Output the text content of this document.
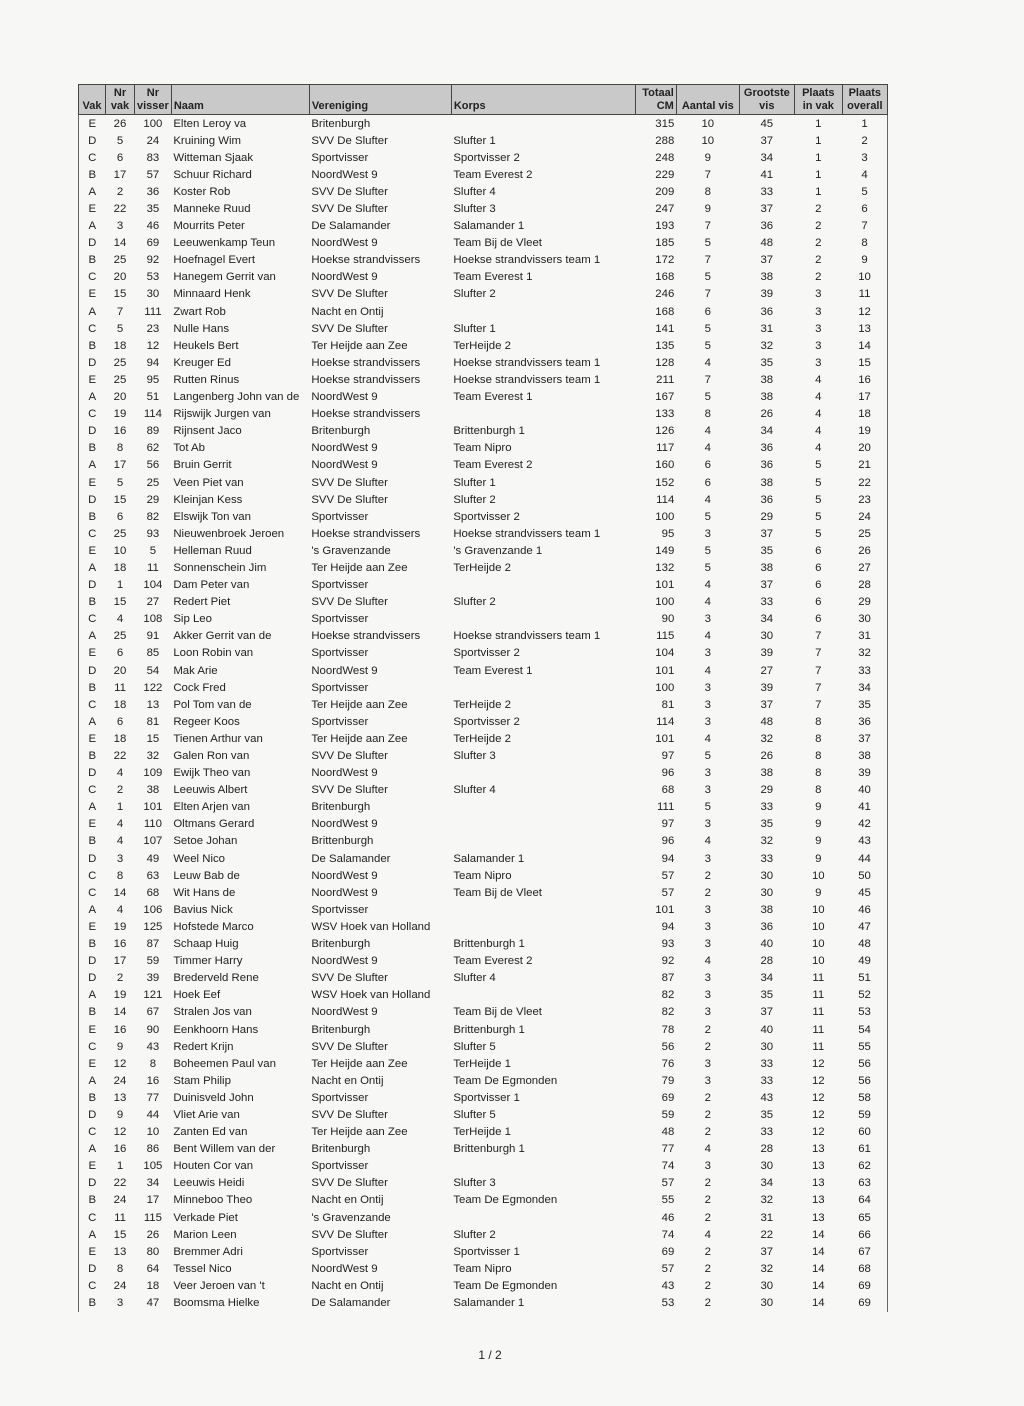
Vak	Nr vak	Nr visser	Naam	Vereniging	Korps	Totaal CM	Aantal vis	Grootste vis	Plaats in vak	Plaats overall
E	26	100	Elten Leroy va	Britenburgh		315	10	45	1	1
D	5	24	Kruining Wim	SVV De Slufter	Slufter 1	288	10	37	1	2
C	6	83	Witteman Sjaak	Sportvisser	Sportvisser 2	248	9	34	1	3
B	17	57	Schuur Richard	NoordWest 9	Team Everest 2	229	7	41	1	4
A	2	36	Koster Rob	SVV De Slufter	Slufter 4	209	8	33	1	5
E	22	35	Manneke Ruud	SVV De Slufter	Slufter 3	247	9	37	2	6
A	3	46	Mourrits Peter	De Salamander	Salamander 1	193	7	36	2	7
D	14	69	Leeuwenkamp Teun	NoordWest 9	Team Bij de Vleet	185	5	48	2	8
B	25	92	Hoefnagel Evert	Hoekse strandvissers	Hoekse strandvissers team 1	172	7	37	2	9
C	20	53	Hanegem Gerrit van	NoordWest 9	Team Everest 1	168	5	38	2	10
E	15	30	Minnaard Henk	SVV De Slufter	Slufter 2	246	7	39	3	11
A	7	111	Zwart Rob	Nacht en Ontij		168	6	36	3	12
C	5	23	Nulle Hans	SVV De Slufter	Slufter 1	141	5	31	3	13
B	18	12	Heukels Bert	Ter Heijde aan Zee	TerHeijde 2	135	5	32	3	14
D	25	94	Kreuger Ed	Hoekse strandvissers	Hoekse strandvissers team 1	128	4	35	3	15
E	25	95	Rutten Rinus	Hoekse strandvissers	Hoekse strandvissers team 1	211	7	38	4	16
A	20	51	Langenberg John van de	NoordWest 9	Team Everest 1	167	5	38	4	17
C	19	114	Rijswijk Jurgen van	Hoekse strandvissers		133	8	26	4	18
D	16	89	Rijnsent Jaco	Britenburgh	Brittenburgh 1	126	4	34	4	19
B	8	62	Tot Ab	NoordWest 9	Team Nipro	117	4	36	4	20
A	17	56	Bruin Gerrit	NoordWest 9	Team Everest 2	160	6	36	5	21
E	5	25	Veen Piet van	SVV De Slufter	Slufter 1	152	6	38	5	22
D	15	29	Kleinjan Kess	SVV De Slufter	Slufter 2	114	4	36	5	23
B	6	82	Elswijk Ton van	Sportvisser	Sportvisser 2	100	5	29	5	24
C	25	93	Nieuwenbroek Jeroen	Hoekse strandvissers	Hoekse strandvissers team 1	95	3	37	5	25
E	10	5	Helleman Ruud	's Gravenzande	's Gravenzande 1	149	5	35	6	26
A	18	11	Sonnenschein Jim	Ter Heijde aan Zee	TerHeijde 2	132	5	38	6	27
D	1	104	Dam Peter van	Sportvisser		101	4	37	6	28
B	15	27	Redert Piet	SVV De Slufter	Slufter 2	100	4	33	6	29
C	4	108	Sip Leo	Sportvisser		90	3	34	6	30
A	25	91	Akker Gerrit van de	Hoekse strandvissers	Hoekse strandvissers team 1	115	4	30	7	31
E	6	85	Loon Robin van	Sportvisser	Sportvisser 2	104	3	39	7	32
D	20	54	Mak Arie	NoordWest 9	Team Everest 1	101	4	27	7	33
B	11	122	Cock Fred	Sportvisser		100	3	39	7	34
C	18	13	Pol Tom van de	Ter Heijde aan Zee	TerHeijde 2	81	3	37	7	35
A	6	81	Regeer Koos	Sportvisser	Sportvisser 2	114	3	48	8	36
E	18	15	Tienen Arthur van	Ter Heijde aan Zee	TerHeijde 2	101	4	32	8	37
B	22	32	Galen Ron van	SVV De Slufter	Slufter 3	97	5	26	8	38
D	4	109	Ewijk Theo van	NoordWest 9		96	3	38	8	39
C	2	38	Leeuwis Albert	SVV De Slufter	Slufter 4	68	3	29	8	40
A	1	101	Elten Arjen van	Britenburgh		111	5	33	9	41
E	4	110	Oltmans Gerard	NoordWest 9		97	3	35	9	42
B	4	107	Setoe Johan	Brittenburgh		96	4	32	9	43
D	3	49	Weel Nico	De Salamander	Salamander 1	94	3	33	9	44
C	8	63	Leuw Bab de	NoordWest 9	Team Nipro	57	2	30	10	50
C	14	68	Wit Hans de	NoordWest 9	Team Bij de Vleet	57	2	30	9	45
A	4	106	Bavius Nick	Sportvisser		101	3	38	10	46
E	19	125	Hofstede Marco	WSV Hoek van Holland		94	3	36	10	47
B	16	87	Schaap Huig	Britenburgh	Brittenburgh 1	93	3	40	10	48
D	17	59	Timmer Harry	NoordWest 9	Team Everest 2	92	4	28	10	49
D	2	39	Brederveld Rene	SVV De Slufter	Slufter 4	87	3	34	11	51
A	19	121	Hoek Eef	WSV Hoek van Holland		82	3	35	11	52
B	14	67	Stralen Jos van	NoordWest 9	Team Bij de Vleet	82	3	37	11	53
E	16	90	Eenkhoorn Hans	Britenburgh	Brittenburgh 1	78	2	40	11	54
C	9	43	Redert Krijn	SVV De Slufter	Slufter 5	56	2	30	11	55
E	12	8	Boheemen Paul van	Ter Heijde aan Zee	TerHeijde 1	76	3	33	12	56
A	24	16	Stam Philip	Nacht en Ontij	Team De Egmonden	79	3	33	12	56
B	13	77	Duinisveld John	Sportvisser	Sportvisser 1	69	2	43	12	58
D	9	44	Vliet Arie van	SVV De Slufter	Slufter 5	59	2	35	12	59
C	12	10	Zanten Ed van	Ter Heijde aan Zee	TerHeijde 1	48	2	33	12	60
A	16	86	Bent Willem van der	Britenburgh	Brittenburgh 1	77	4	28	13	61
E	1	105	Houten Cor van	Sportvisser		74	3	30	13	62
D	22	34	Leeuwis Heidi	SVV De Slufter	Slufter 3	57	2	34	13	63
B	24	17	Minneboo Theo	Nacht en Ontij	Team De Egmonden	55	2	32	13	64
C	11	115	Verkade Piet	's Gravenzande		46	2	31	13	65
A	15	26	Marion Leen	SVV De Slufter	Slufter 2	74	4	22	14	66
E	13	80	Bremmer Adri	Sportvisser	Sportvisser 1	69	2	37	14	67
D	8	64	Tessel Nico	NoordWest 9	Team Nipro	57	2	32	14	68
C	24	18	Veer Jeroen van 't	Nacht en Ontij	Team De Egmonden	43	2	30	14	69
B	3	47	Boomsma Hielke	De Salamander	Salamander 1	53	2	30	14	69
1 / 2
